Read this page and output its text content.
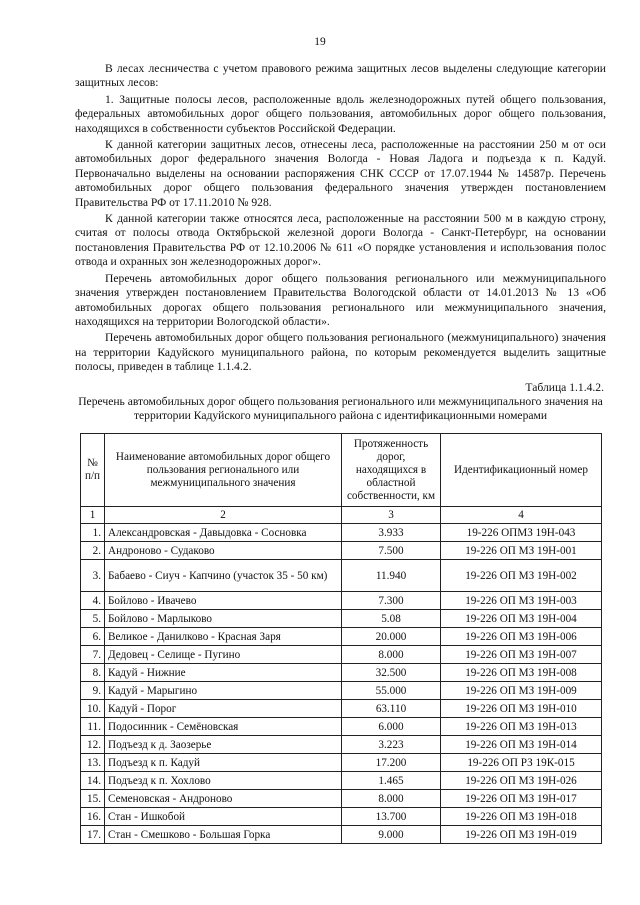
19

В лесах лесничества с учетом правового режима защитных лесов выделены следующие категории защитных лесов:

1. Защитные полосы лесов, расположенные вдоль железнодорожных путей общего пользования, федеральных автомобильных дорог общего пользования, автомобильных дорог общего пользования, находящихся в собственности субъектов Российской Федерации.

К данной категории защитных лесов, отнесены леса, расположенные на расстоянии 250 м от оси автомобильных дорог федерального значения Вологда - Новая Ладога и подъезда к п. Кадуй. Первоначально выделены на основании распоряжения СНК СССР от 17.07.1944 № 14587р. Перечень автомобильных дорог общего пользования федерального значения утвержден постановлением Правительства РФ от 17.11.2010 № 928.

К данной категории также относятся леса, расположенные на расстоянии 500 м в каждую строну, считая от полосы отвода Октябрьской железной дороги Вологда - Санкт-Петербург, на основании постановления Правительства РФ от 12.10.2006 № 611 «О порядке установления и использования полос отвода и охранных зон железнодорожных дорог».

Перечень автомобильных дорог общего пользования регионального или межмуниципального значения утвержден постановлением Правительства Вологодской области от 14.01.2013 № 13 «Об автомобильных дорогах общего пользования регионального или межмуниципального значения, находящихся на территории Вологодской области».

Перечень автомобильных дорог общего пользования регионального (межмуниципального) значения на территории Кадуйского муниципального района, по которым рекомендуется выделить защитные полосы, приведен в таблице 1.1.4.2.

Таблица 1.1.4.2.
Перечень автомобильных дорог общего пользования регионального или межмуниципального значения на территории Кадуйского муниципального района с идентификационными номерами
№ п/п	Наименование автомобильных дорог общего пользования регионального или межмуниципального значения	Протяженность дорог, находящихся в областной собственности, км	Идентификационный номер
1	2	3	4
1.	Александровская - Давыдовка - Сосновка	3.933	19-226 ОПМЗ 19Н-043
2.	Андроново - Судаково	7.500	19-226 ОП МЗ 19Н-001
3.	Бабаево - Сиуч - Капчино (участок 35 - 50 км)	11.940	19-226 ОП МЗ 19Н-002
4.	Бойлово - Ивачево	7.300	19-226 ОП МЗ 19Н-003
5.	Бойлово - Марлыково	5.08	19-226 ОП МЗ 19Н-004
6.	Великое - Данилково - Красная Заря	20.000	19-226 ОП МЗ 19Н-006
7.	Дедовец - Селище - Пугино	8.000	19-226 ОП МЗ 19Н-007
8.	Кадуй - Нижние	32.500	19-226 ОП МЗ 19Н-008
9.	Кадуй - Марыгино	55.000	19-226 ОП МЗ 19Н-009
10.	Кадуй - Порог	63.110	19-226 ОП МЗ 19Н-010
11.	Подосинник - Семёновская	6.000	19-226 ОП МЗ 19Н-013
12.	Подъезд к д. Заозерье	3.223	19-226 ОП МЗ 19Н-014
13.	Подъезд к п. Кадуй	17.200	19-226 ОП РЗ 19К-015
14.	Подъезд к п. Хохлово	1.465	19-226 ОП МЗ 19Н-026
15.	Семеновская - Андроново	8.000	19-226 ОП МЗ 19Н-017
16.	Стан - Ишкобой	13.700	19-226 ОП МЗ 19Н-018
17.	Стан - Смешково - Большая Горка	9.000	19-226 ОП МЗ 19Н-019
